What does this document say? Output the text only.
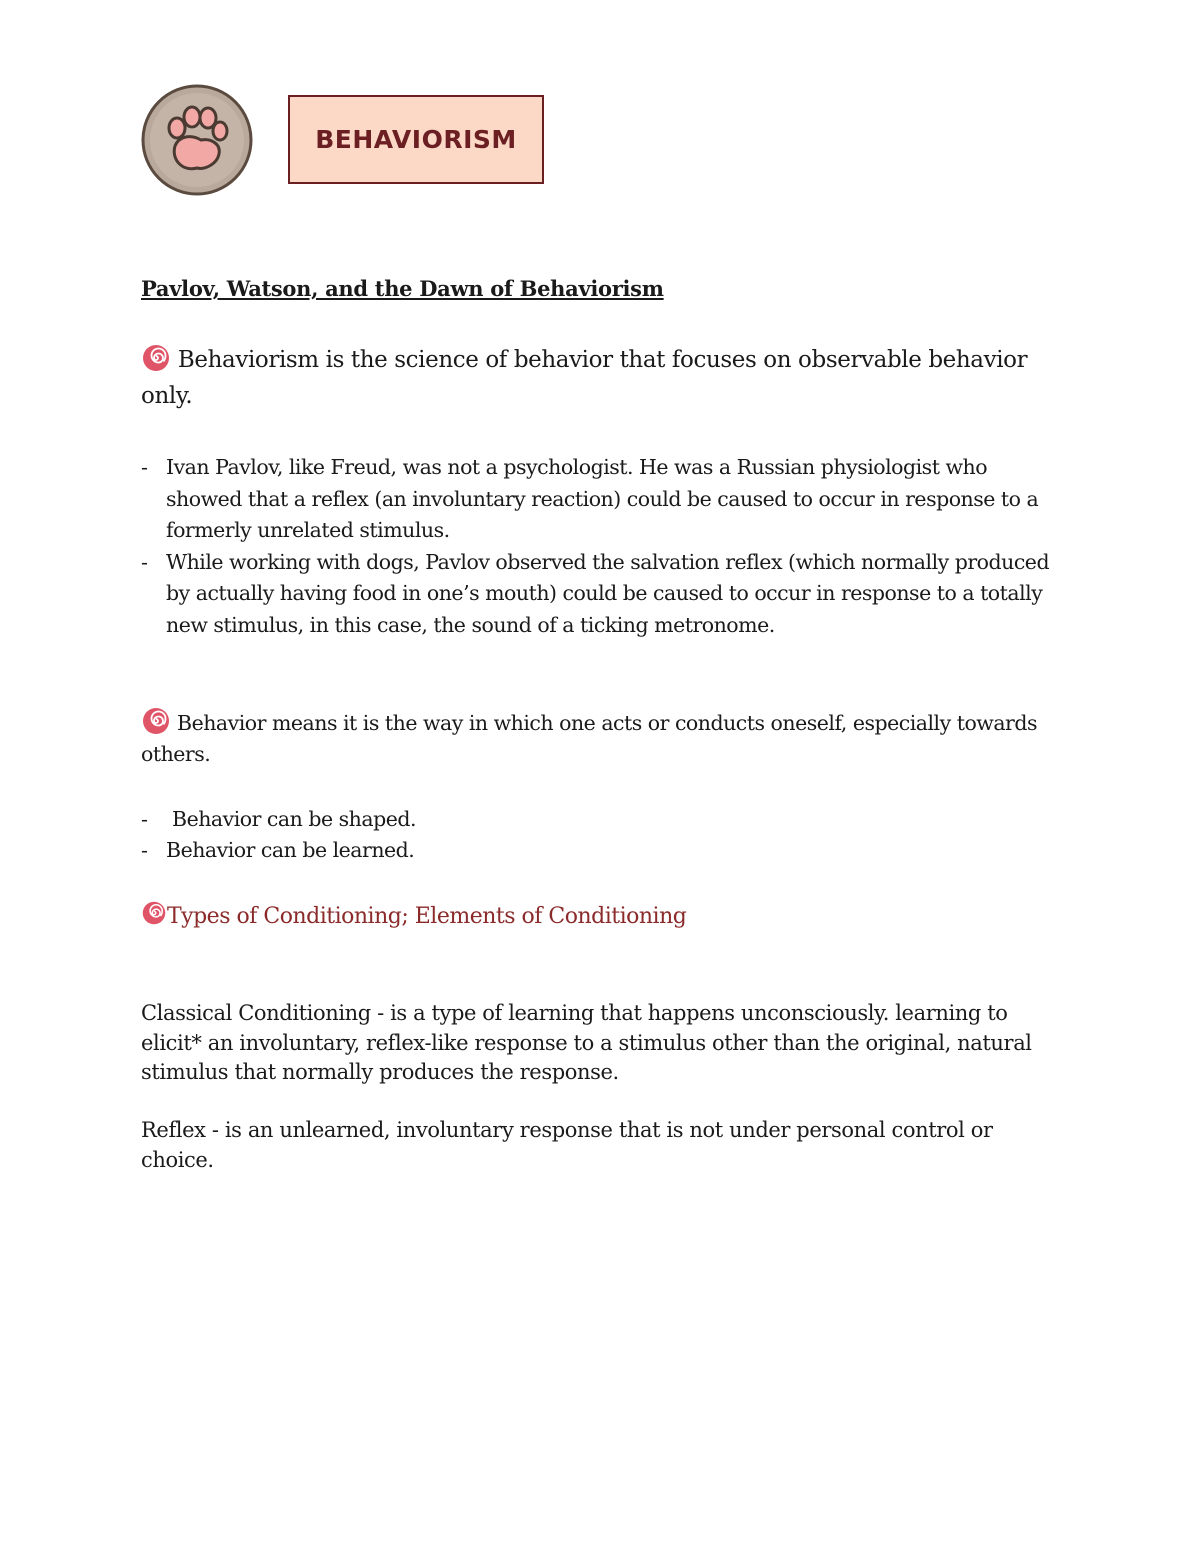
BEHAVIORISM
Pavlov, Watson, and the Dawn of Behaviorism
Behaviorism is the science of behavior that focuses on observable behavior only.
- Ivan Pavlov, like Freud, was not a psychologist. He was a Russian physiologist who showed that a reflex (an involuntary reaction) could be caused to occur in response to a formerly unrelated stimulus.
- While working with dogs, Pavlov observed the salvation reflex (which normally produced by actually having food in one’s mouth) could be caused to occur in response to a totally new stimulus, in this case, the sound of a ticking metronome.
Behavior means it is the way in which one acts or conducts oneself, especially towards others.
- Behavior can be shaped.
- Behavior can be learned.
Types of Conditioning; Elements of Conditioning
Classical Conditioning - is a type of learning that happens unconsciously. learning to elicit* an involuntary, reflex-like response to a stimulus other than the original, natural stimulus that normally produces the response.
Reflex - is an unlearned, involuntary response that is not under personal control or choice.
